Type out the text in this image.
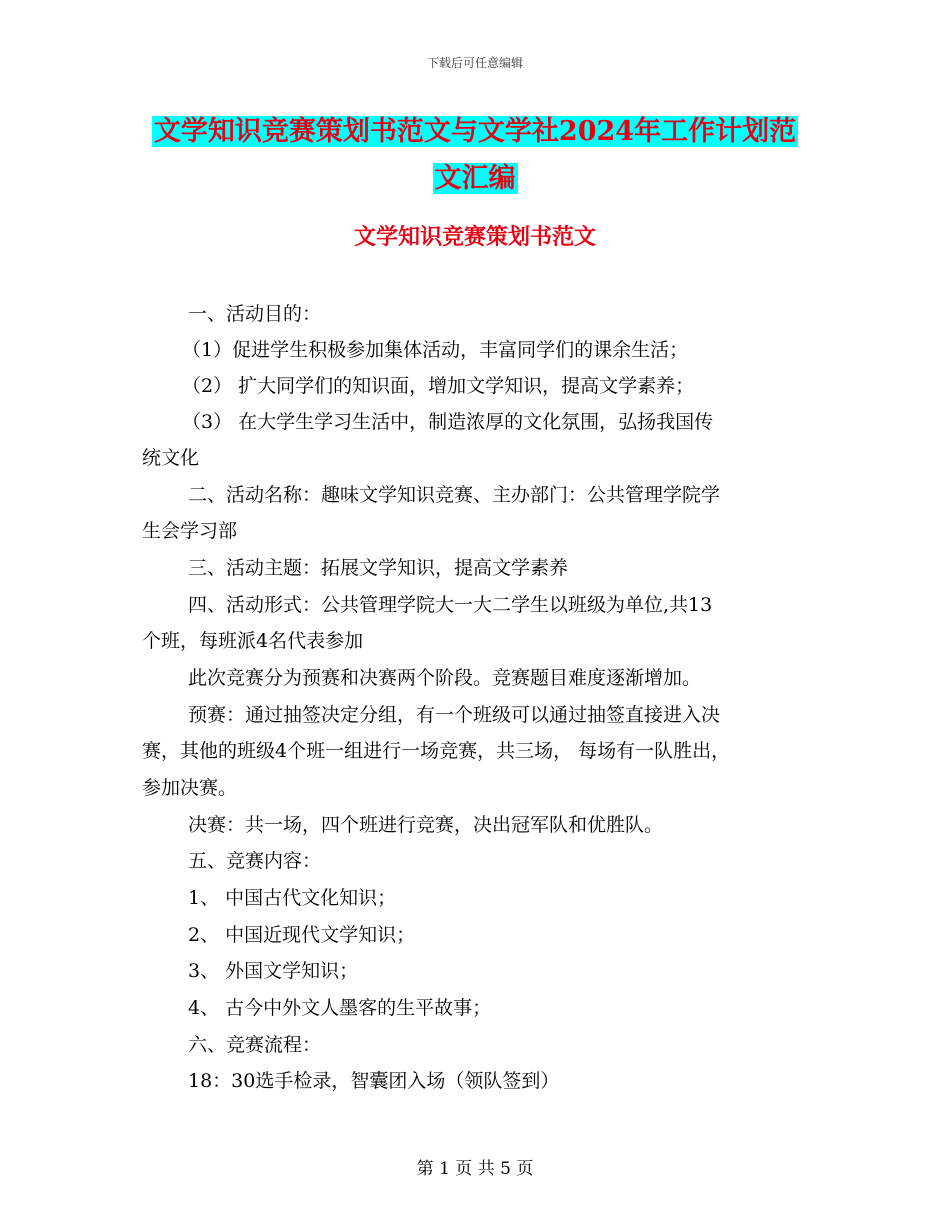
下载后可任意编辑
文学知识竞赛策划书范文与文学社2024年工作计划范
文汇编
文学知识竞赛策划书范文
一、活动目的：
（1）促进学生积极参加集体活动，丰富同学们的课余生活；
（2） 扩大同学们的知识面，增加文学知识，提高文学素养；
（3） 在大学生学习生活中，制造浓厚的文化氛围，弘扬我国传
统文化
二、活动名称：趣味文学知识竞赛、主办部门：公共管理学院学
生会学习部
三、活动主题：拓展文学知识，提高文学素养
四、活动形式：公共管理学院大一大二学生以班级为单位,共13
个班，每班派4名代表参加
此次竞赛分为预赛和决赛两个阶段。竞赛题目难度逐渐增加。
预赛：通过抽签决定分组，有一个班级可以通过抽签直接进入决
赛，其他的班级4个班一组进行一场竞赛，共三场， 每场有一队胜出，
参加决赛。
决赛：共一场，四个班进行竞赛，决出冠军队和优胜队。
五、竞赛内容：
1、 中国古代文化知识；
2、 中国近现代文学知识；
3、 外国文学知识；
4、 古今中外文人墨客的生平故事；
六、竞赛流程：
18：30选手检录，智囊团入场（领队签到）
第 1 页 共 5 页
